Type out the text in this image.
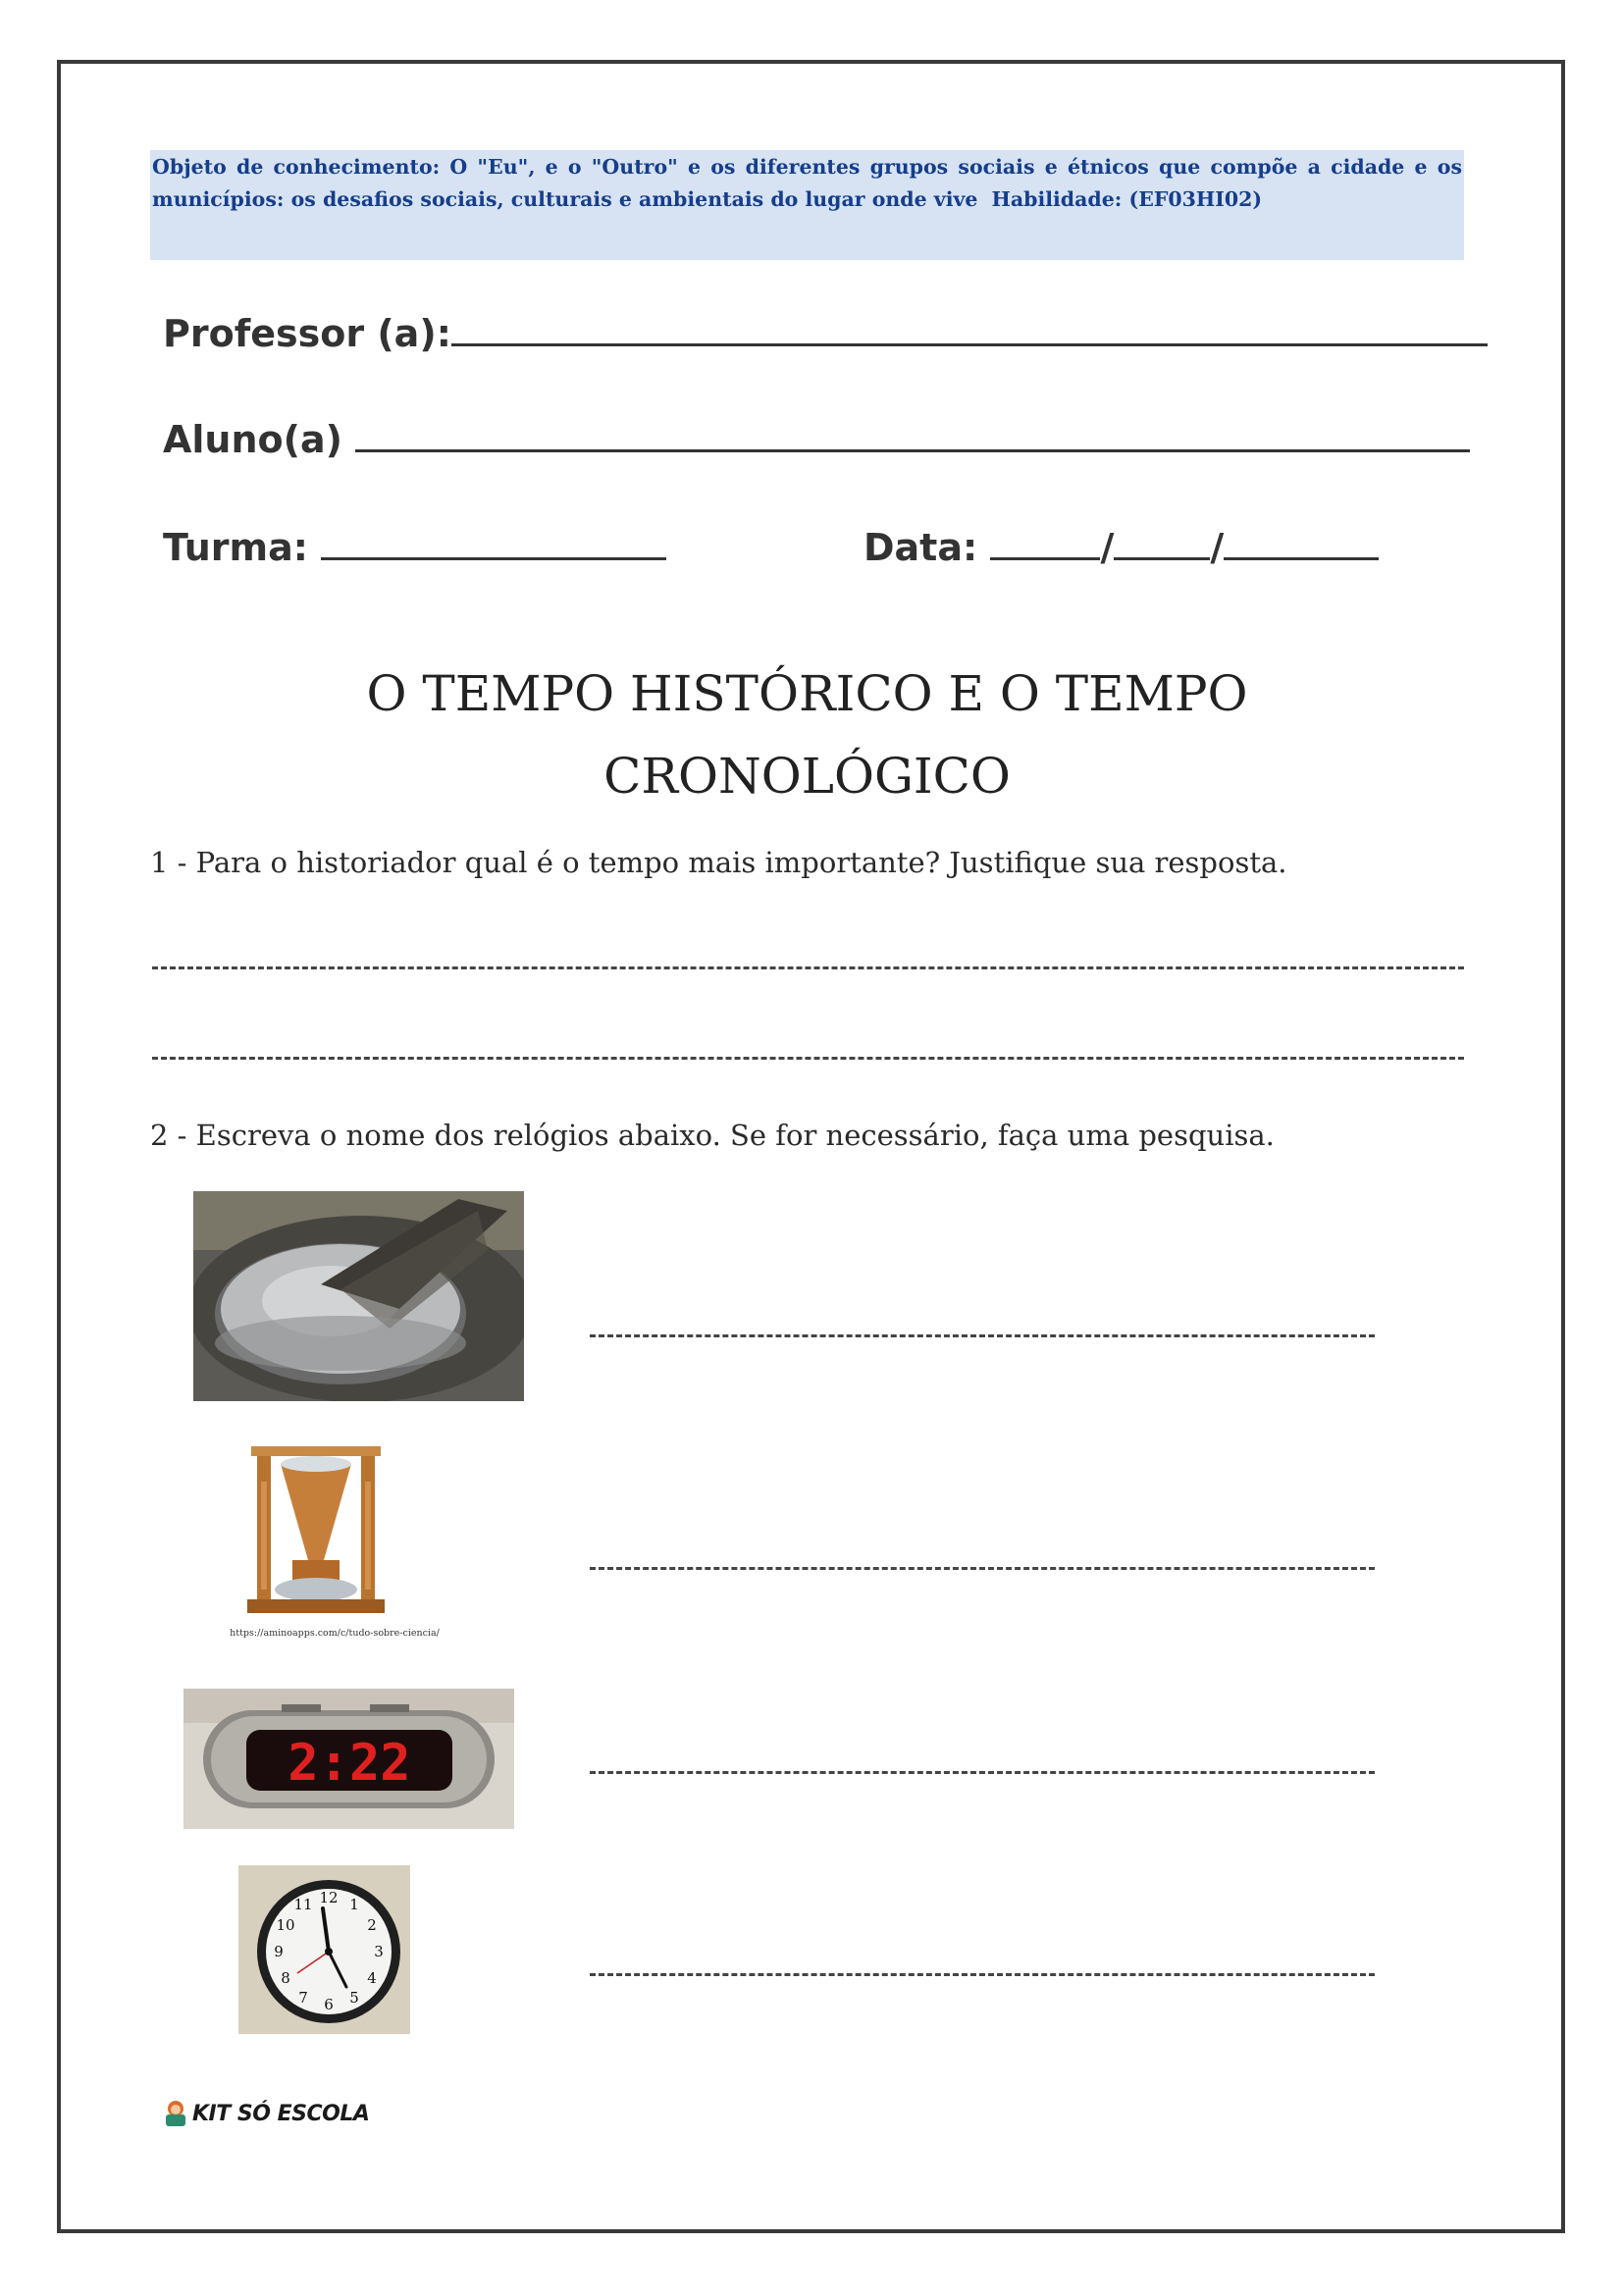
Objeto de conhecimento: O "Eu", e o "Outro" e os diferentes grupos sociais e étnicos que compõe a cidade e os municípios: os desafios sociais, culturais e ambientais do lugar onde vive Habilidade: (EF03HI02)
Professor (a):
Aluno(a)
Turma:	Data:	/	/
O TEMPO HISTÓRICO E O TEMPO
CRONOLÓGICO
1 - Para o historiador qual é o tempo mais importante? Justifique sua resposta.
2 - Escreva o nome dos relógios abaixo. Se for necessário, faça uma pesquisa.
https://aminoapps.com/c/tudo-sobre-ciencia/
2:22
12 1
2
3
4
5
6
7
8
9
10
11
KIT SÓ ESCOLA
